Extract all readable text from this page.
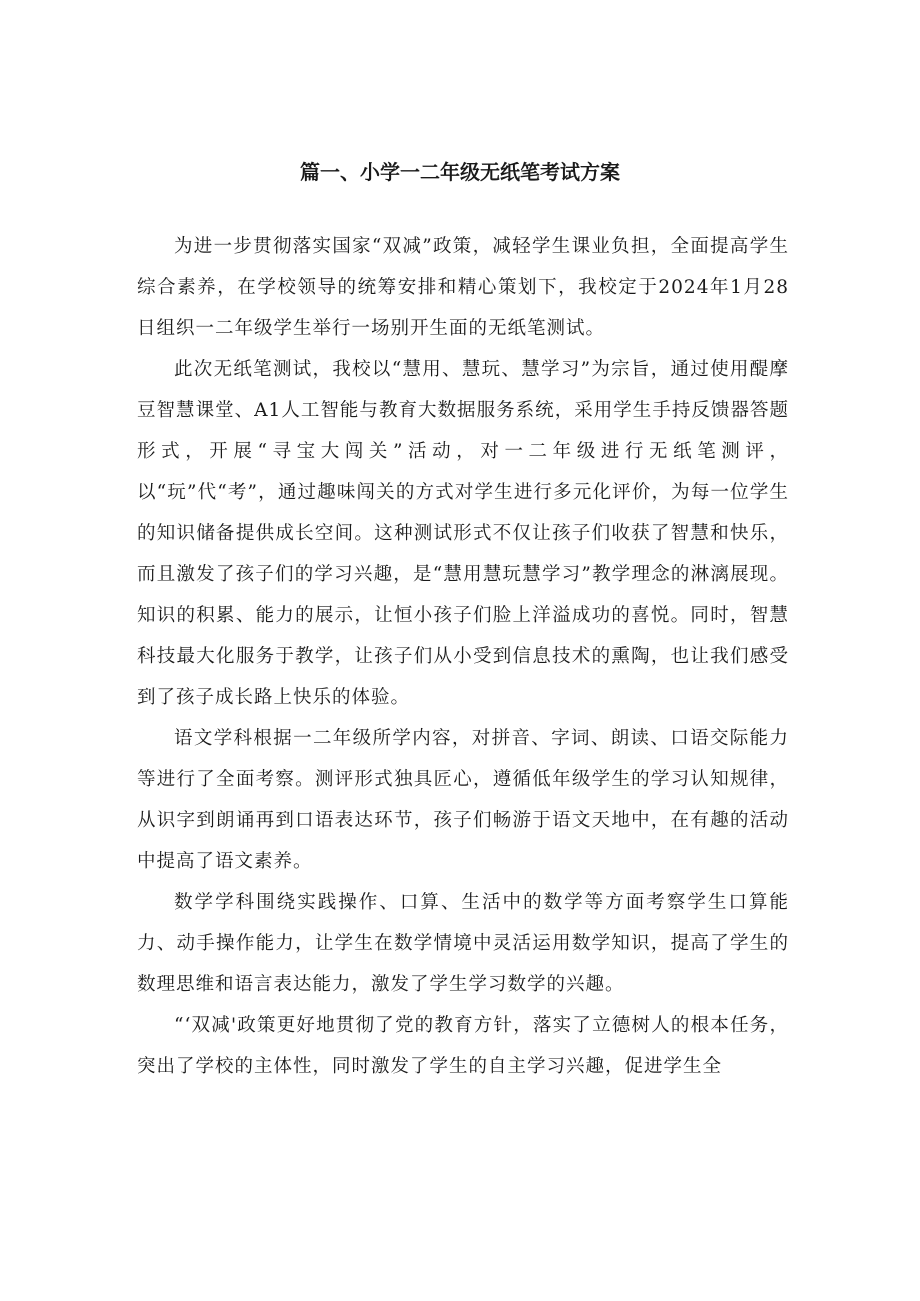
篇一、小学一二年级无纸笔考试方案

为进一步贯彻落实国家“双减”政策，减轻学生课业负担，全面提高学生综合素养，在学校领导的统筹安排和精心策划下，我校定于2024年1月28日组织一二年级学生举行一场别开生面的无纸笔测试。

此次无纸笔测试，我校以“慧用、慧玩、慧学习”为宗旨，通过使用醍摩豆智慧课堂、A1人工智能与教育大数据服务系统，采用学生手持反馈器答题形式，开展“寻宝大闯关”活动，对一二年级进行无纸笔测评，以“玩”代“考”，通过趣味闯关的方式对学生进行多元化评价，为每一位学生的知识储备提供成长空间。这种测试形式不仅让孩子们收获了智慧和快乐，而且激发了孩子们的学习兴趣，是“慧用慧玩慧学习”教学理念的淋漓展现。知识的积累、能力的展示，让恒小孩子们脸上洋溢成功的喜悦。同时，智慧科技最大化服务于教学，让孩子们从小受到信息技术的熏陶，也让我们感受到了孩子成长路上快乐的体验。

语文学科根据一二年级所学内容，对拼音、字词、朗读、口语交际能力等进行了全面考察。测评形式独具匠心，遵循低年级学生的学习认知规律，从识字到朗诵再到口语表达环节，孩子们畅游于语文天地中，在有趣的活动中提高了语文素养。

数学学科围绕实践操作、口算、生活中的数学等方面考察学生口算能力、动手操作能力，让学生在数学情境中灵活运用数学知识，提高了学生的数理思维和语言表达能力，激发了学生学习数学的兴趣。

“‘双减'政策更好地贯彻了党的教育方针，落实了立德树人的根本任务，突出了学校的主体性，同时激发了学生的自主学习兴趣，促进学生全
